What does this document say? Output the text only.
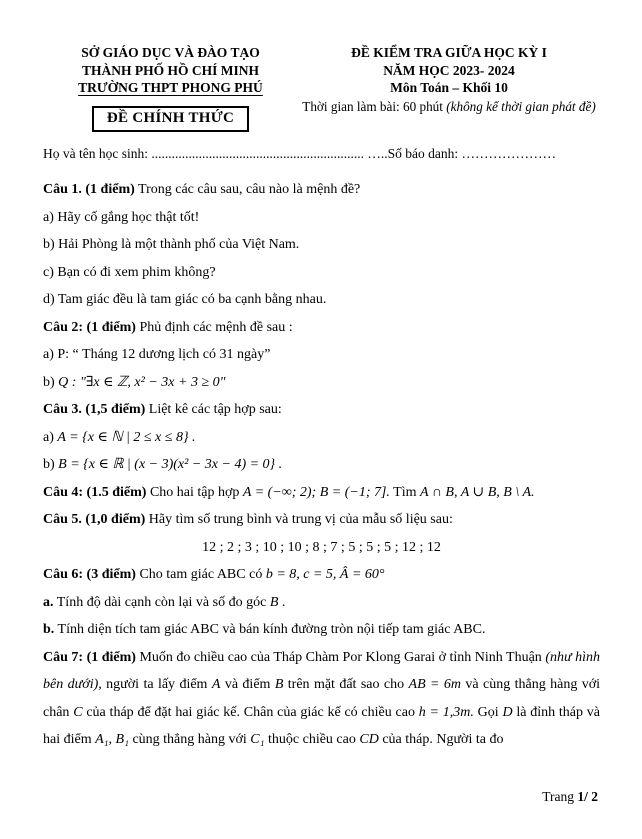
SỞ GIÁO DỤC VÀ ĐÀO TẠO
THÀNH PHỐ HỒ CHÍ MINH
TRƯỜNG THPT PHONG PHÚ
ĐỀ CHÍNH THỨC
ĐỀ KIỂM TRA GIỮA HỌC KỲ I
NĂM HỌC 2023- 2024
Môn Toán – Khối 10
Thời gian làm bài: 60 phút (không kể thời gian phát đề)
Họ và tên học sinh: ............................................................... …..Số báo danh: …………………

Câu 1. (1 điểm) Trong các câu sau, câu nào là mệnh đề?

a) Hãy cố gắng học thật tốt!

b) Hải Phòng là một thành phố của Việt Nam.

c) Bạn có đi xem phim không?

d) Tam giác đều là tam giác có ba cạnh bằng nhau.

Câu 2: (1 điểm) Phủ định các mệnh đề sau :

a) P: “ Tháng 12 dương lịch có 31 ngày”

b) Q : "∃x ∈ ℤ, x² − 3x + 3 ≥ 0"

Câu 3. (1,5 điểm) Liệt kê các tập hợp sau:

a) A = {x ∈ ℕ | 2 ≤ x ≤ 8} .

b) B = {x ∈ ℝ | (x − 3)(x² − 3x − 4) = 0} .

Câu 4: (1.5 điểm) Cho hai tập hợp A = (−∞; 2); B = (−1; 7]. Tìm A ∩ B, A ∪ B, B \ A.

Câu 5. (1,0 điểm) Hãy tìm số trung bình và trung vị của mẫu số liệu sau:

12 ; 2 ; 3 ; 10 ; 10 ; 8 ; 7 ; 5 ; 5 ; 5 ; 12 ; 12

Câu 6: (3 điểm) Cho tam giác ABC có b = 8, c = 5, Â = 60°

a. Tính độ dài cạnh còn lại và số đo góc B .

b. Tính diện tích tam giác ABC và bán kính đường tròn nội tiếp tam giác ABC.

Câu 7: (1 điểm) Muốn đo chiều cao của Tháp Chàm Por Klong Garai ở tỉnh Ninh Thuận (như hình bên dưới), người ta lấy điểm A và điểm B trên mặt đất sao cho AB = 6m và cùng thẳng hàng với chân C của tháp để đặt hai giác kế. Chân của giác kế có chiều cao h = 1,3m. Gọi D là đỉnh tháp và hai điểm A₁, B₁ cùng thẳng hàng với C₁ thuộc chiều cao CD của tháp. Người ta đo

Trang 1/ 2
